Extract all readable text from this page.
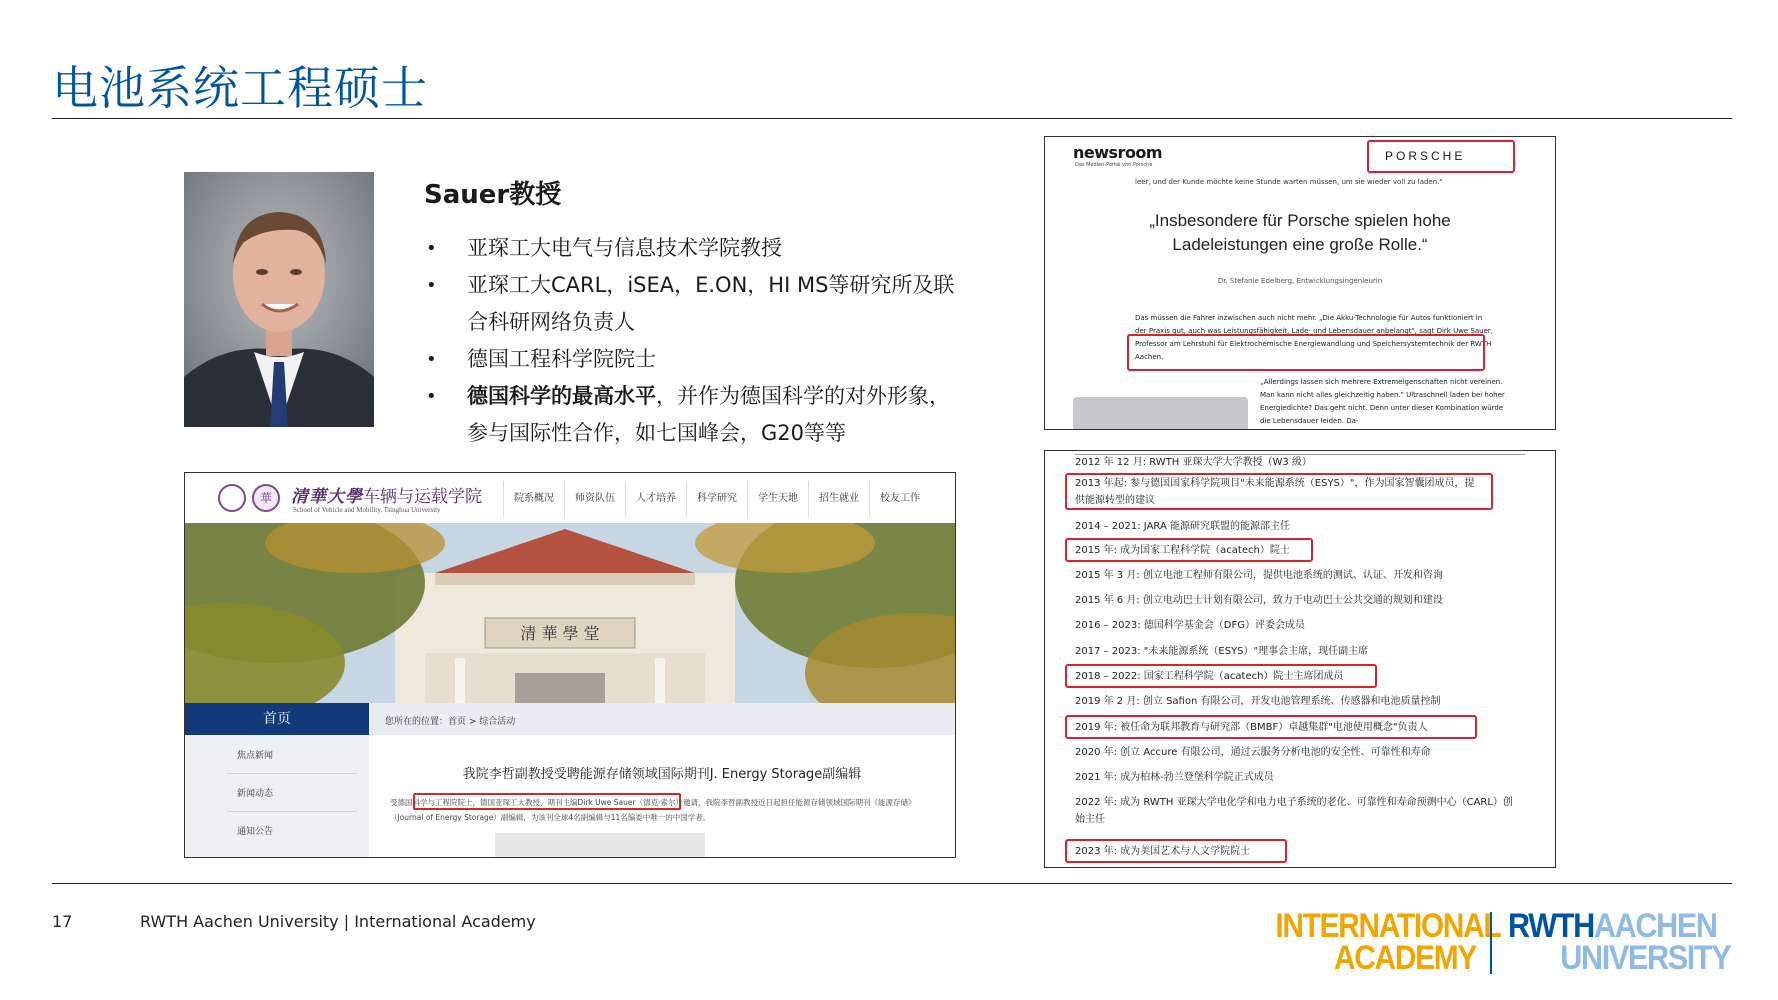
电池系统工程硕士
Sauer教授
• 亚琛工大电气与信息技术学院教授
• 亚琛工大CARL，iSEA，E.ON，HI MS等研究所及联合科研网络负责人
• 德国工程科学院院士
• 德国科学的最高水平，并作为德国科学的对外形象，参与国际性合作，如七国峰会，G20等等
華	清華大學车辆与运载学院
School of Vehicle and Mobility, Tsinghua University
院系概况	师资队伍	人才培养	科学研究	学生天地	招生就业	校友工作
清 華 學 堂
首页
焦点新闻
新闻动态
通知公告
您所在的位置：首页 > 综合活动
我院李哲副教授受聘能源存储领域国际期刊J. Energy Storage副编辑
受德国科学与工程院院士，德国亚琛工大教授，期刊主编Dirk Uwe Sauer（德克·索尔）邀请，我院李哲副教授近日起担任能源存储领域国际期刊《能源存储》（Journal of Energy Storage）副编辑，为该刊全球4名副编辑与11名编委中唯一的中国学者。
newsroom
Das Medien-Portal von Porsche
PORSCHE
leer, und der Kunde möchte keine Stunde warten müssen, um sie wieder voll zu laden."
„Insbesondere für Porsche spielen hohe Ladeleistungen eine große Rolle.“
Dr. Stefanie Edelberg, Entwicklungsingenieurin
Das müssen die Fahrer inzwischen auch nicht mehr. „Die Akku-Technologie für Autos funktioniert in der Praxis gut, auch was Leistungsfähigkeit, Lade- und Lebensdauer anbelangt", sagt Dirk Uwe Sauer, Professor am Lehrstuhl für Elektrochemische Energiewandlung und Speichersystemtechnik der RWTH Aachen.
„Allerdings lassen sich mehrere Extremeigenschaften nicht vereinen. Man kann nicht alles gleichzeitig haben." Ultraschnell laden bei hoher Energiedichte? Das geht nicht. Denn unter dieser Kombination würde die Lebensdauer leiden. Da-
2012 年 12 月: RWTH 亚琛大学大学教授（W3 级）
2013 年起: 参与德国国家科学院项目"未来能源系统（ESYS）"，作为国家智囊团成员，提供能源转型的建议
2014 – 2021: JARA 能源研究联盟的能源部主任
2015 年: 成为国家工程科学院（acatech）院士
2015 年 3 月: 创立电池工程师有限公司，提供电池系统的测试、认证、开发和咨询
2015 年 6 月: 创立电动巴士计划有限公司，致力于电动巴士公共交通的规划和建设
2016 – 2023: 德国科学基金会（DFG）评委会成员
2017 – 2023: "未来能源系统（ESYS）"理事会主席，现任副主席
2018 – 2022: 国家工程科学院（acatech）院士主席团成员
2019 年 2 月: 创立 Safion 有限公司，开发电池管理系统、传感器和电池质量控制
2019 年: 被任命为联邦教育与研究部（BMBF）卓越集群"电池使用概念"负责人
2020 年: 创立 Accure 有限公司，通过云服务分析电池的安全性、可靠性和寿命
2021 年: 成为柏林-勃兰登堡科学院正式成员
2022 年: 成为 RWTH 亚琛大学电化学和电力电子系统的老化、可靠性和寿命预测中心（CARL）创始主任
2023 年: 成为美国艺术与人文学院院士
17	RWTH Aachen University | International Academy	INTERNATIONAL
ACADEMY
RWTHAACHEN
UNIVERSITY
